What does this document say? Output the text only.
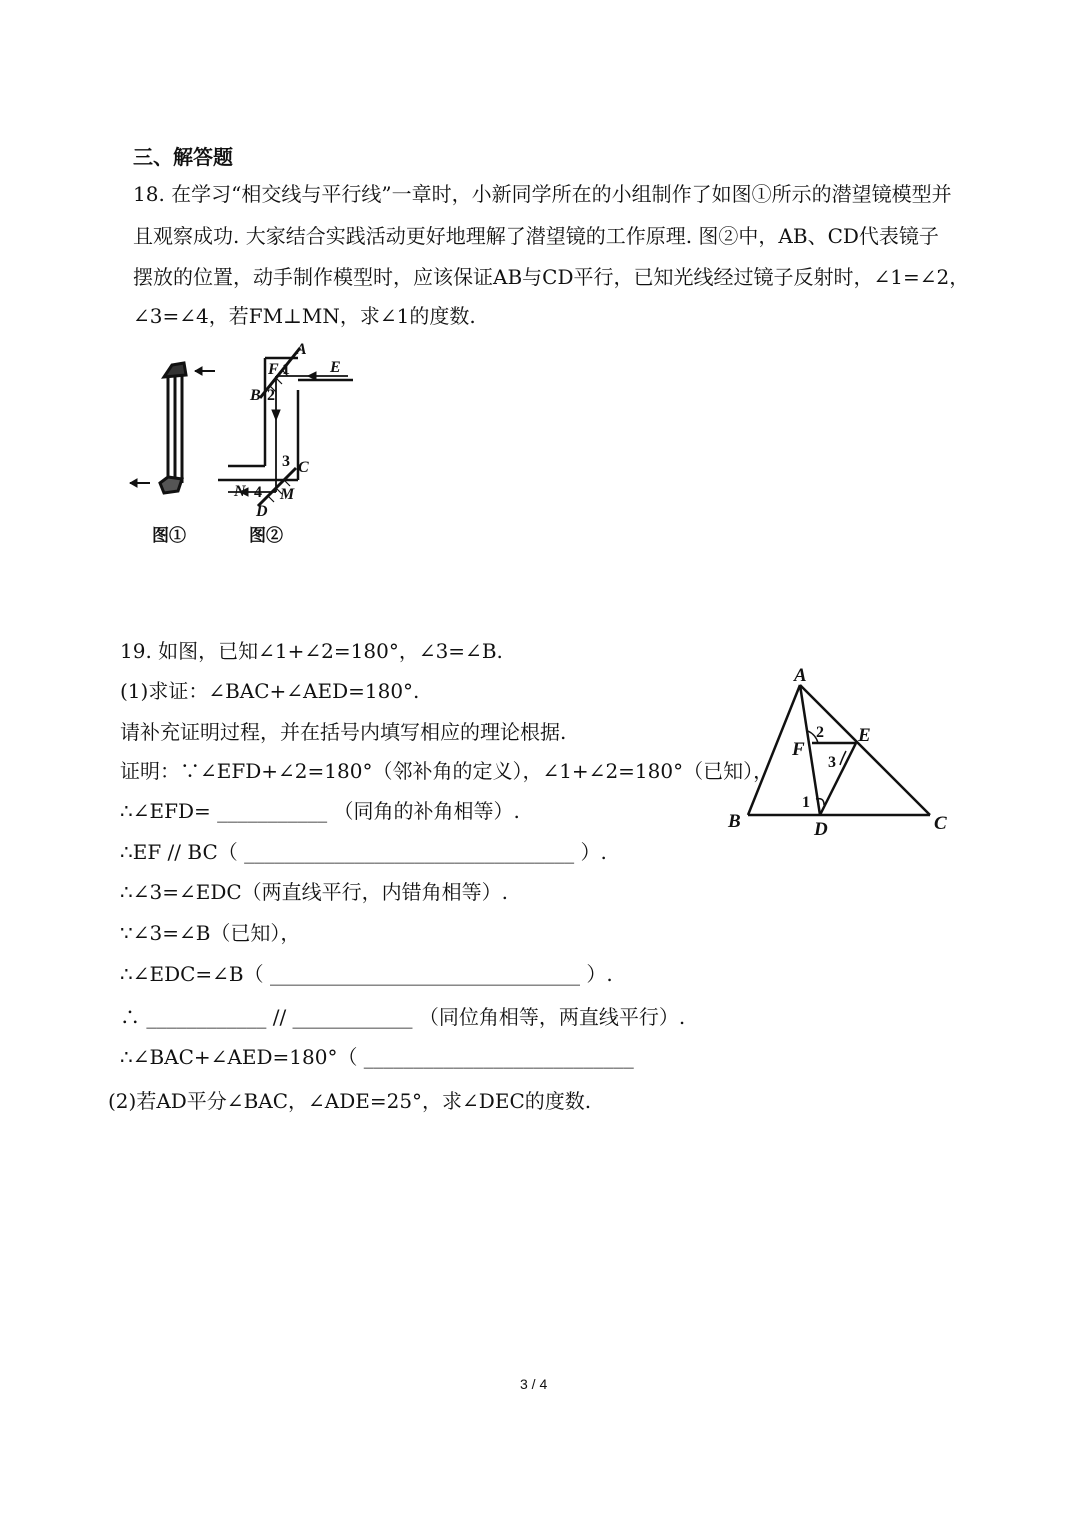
三、解答题
18. 在学习“相交线与平行线”一章时，小新同学所在的小组制作了如图①所示的潜望镜模型并
且观察成功. 大家结合实践活动更好地理解了潜望镜的工作原理. 图②中，AB、CD代表镜子
摆放的位置，动手制作模型时，应该保证AB与CD平行，已知光线经过镜子反射时，∠1=∠2，
∠3=∠4，若FM⊥MN，求∠1的度数.
A
E
F
B
C
N M
D
1
2
3
4
图①	图②
19. 如图，已知∠1+∠2=180°，∠3=∠B.
(1)求证：∠BAC+∠AED=180°.
请补充证明过程，并在括号内填写相应的理论根据.
证明：∵∠EFD+∠2=180°（邻补角的定义），∠1+∠2=180°（已知），
∴∠EFD= ___________ （同角的补角相等）.
∴EF // BC（ _________________________________ ）.
∴∠3=∠EDC（两直线平行，内错角相等）.
∵∠3=∠B（已知），
∴∠EDC=∠B（ _______________________________ ）.
∴ ____________ // ____________ （同位角相等，两直线平行）.
∴∠BAC+∠AED=180°（ ___________________________
(2)若AD平分∠BAC，∠ADE=25°，求∠DEC的度数.
A
B	C
D
E
F
2
3
1
3 / 4
